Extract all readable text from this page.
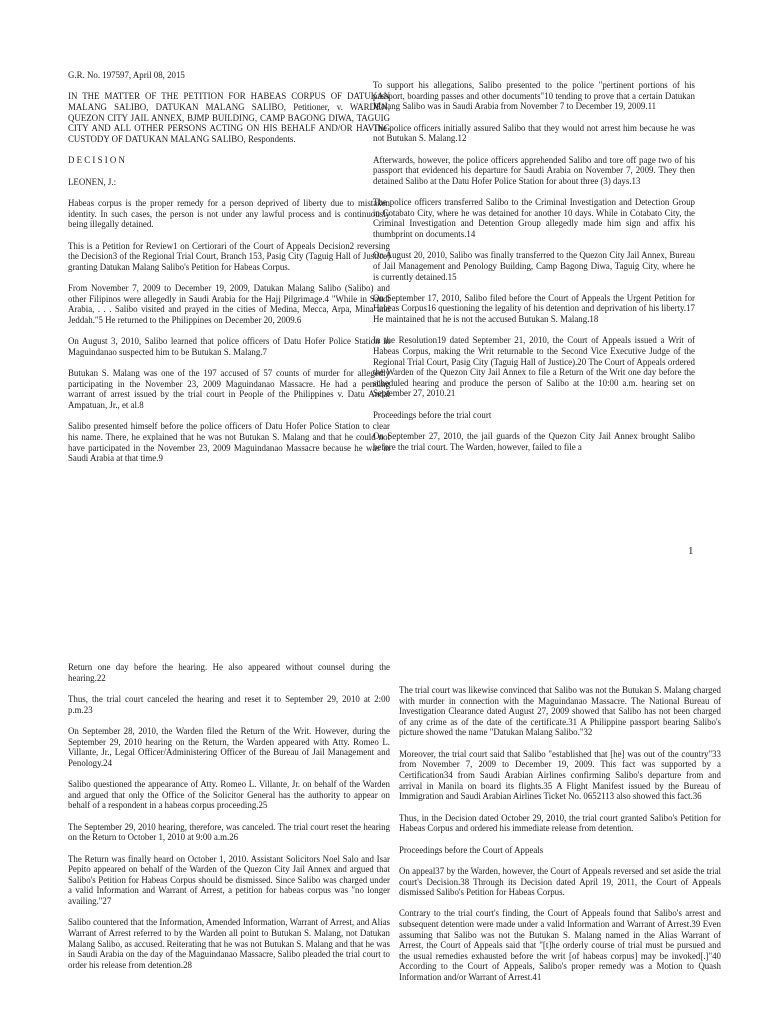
G.R. No. 197597, April 08, 2015

IN THE MATTER OF THE PETITION FOR HABEAS CORPUS OF DATUKAN MALANG SALIBO, DATUKAN MALANG SALIBO, Petitioner, v. WARDEN, QUEZON CITY JAIL ANNEX, BJMP BUILDING, CAMP BAGONG DIWA, TAGUIG CITY AND ALL OTHER PERSONS ACTING ON HIS BEHALF AND/OR HAVING CUSTODY OF DATUKAN MALANG SALIBO, Respondents.

D E C I S I O N

LEONEN, J.:

Habeas corpus is the proper remedy for a person deprived of liberty due to mistaken identity. In such cases, the person is not under any lawful process and is continuously being illegally detained.

This is a Petition for Review1 on Certiorari of the Court of Appeals Decision2 reversing the Decision3 of the Regional Trial Court, Branch 153, Pasig City (Taguig Hall of Justice) granting Datukan Malang Salibo's Petition for Habeas Corpus.

From November 7, 2009 to December 19, 2009, Datukan Malang Salibo (Salibo) and other Filipinos were allegedly in Saudi Arabia for the Hajj Pilgrimage.4 "While in Saudi Arabia, . . . Salibo visited and prayed in the cities of Medina, Mecca, Arpa, Mina and Jeddah."5 He returned to the Philippines on December 20, 2009.6

On August 3, 2010, Salibo learned that police officers of Datu Hofer Police Station in Maguindanao suspected him to be Butukan S. Malang.7

Butukan S. Malang was one of the 197 accused of 57 counts of murder for allegedly participating in the November 23, 2009 Maguindanao Massacre. He had a pending warrant of arrest issued by the trial court in People of the Philippines v. Datu Andal Ampatuan, Jr., et al.8

Salibo presented himself before the police officers of Datu Hofer Police Station to clear his name. There, he explained that he was not Butukan S. Malang and that he could not have participated in the November 23, 2009 Maguindanao Massacre because he was in Saudi Arabia at that time.9

To support his allegations, Salibo presented to the police "pertinent portions of his passport, boarding passes and other documents"10 tending to prove that a certain Datukan Malang Salibo was in Saudi Arabia from November 7 to December 19, 2009.11

The police officers initially assured Salibo that they would not arrest him because he was not Butukan S. Malang.12

Afterwards, however, the police officers apprehended Salibo and tore off page two of his passport that evidenced his departure for Saudi Arabia on November 7, 2009. They then detained Salibo at the Datu Hofer Police Station for about three (3) days.13

The police officers transferred Salibo to the Criminal Investigation and Detection Group in Cotabato City, where he was detained for another 10 days. While in Cotabato City, the Criminal Investigation and Detention Group allegedly made him sign and affix his thumbprint on documents.14

On August 20, 2010, Salibo was finally transferred to the Quezon City Jail Annex, Bureau of Jail Management and Penology Building, Camp Bagong Diwa, Taguig City, where he is currently detained.15

On September 17, 2010, Salibo filed before the Court of Appeals the Urgent Petition for Habeas Corpus16 questioning the legality of his detention and deprivation of his liberty.17 He maintained that he is not the accused Butukan S. Malang.18

In the Resolution19 dated September 21, 2010, the Court of Appeals issued a Writ of Habeas Corpus, making the Writ returnable to the Second Vice Executive Judge of the Regional Trial Court, Pasig City (Taguig Hall of Justice).20 The Court of Appeals ordered the Warden of the Quezon City Jail Annex to file a Return of the Writ one day before the scheduled hearing and produce the person of Salibo at the 10:00 a.m. hearing set on September 27, 2010.21

Proceedings before the trial court

On September 27, 2010, the jail guards of the Quezon City Jail Annex brought Salibo before the trial court. The Warden, however, failed to file a

1

Return one day before the hearing. He also appeared without counsel during the hearing.22

Thus, the trial court canceled the hearing and reset it to September 29, 2010 at 2:00 p.m.23

On September 28, 2010, the Warden filed the Return of the Writ. However, during the September 29, 2010 hearing on the Return, the Warden appeared with Atty. Romeo L. Villante, Jr., Legal Officer/Administering Officer of the Bureau of Jail Management and Penology.24

Salibo questioned the appearance of Atty. Romeo L. Villante, Jr. on behalf of the Warden and argued that only the Office of the Solicitor General has the authority to appear on behalf of a respondent in a habeas corpus proceeding.25

The September 29, 2010 hearing, therefore, was canceled. The trial court reset the hearing on the Return to October 1, 2010 at 9:00 a.m.26

The Return was finally heard on October 1, 2010. Assistant Solicitors Noel Salo and Isar Pepito appeared on behalf of the Warden of the Quezon City Jail Annex and argued that Salibo's Petition for Habeas Corpus should be dismissed. Since Salibo was charged under a valid Information and Warrant of Arrest, a petition for habeas corpus was "no longer availing."27

Salibo countered that the Information, Amended Information, Warrant of Arrest, and Alias Warrant of Arrest referred to by the Warden all point to Butukan S. Malang, not Datukan Malang Salibo, as accused. Reiterating that he was not Butukan S. Malang and that he was in Saudi Arabia on the day of the Maguindanao Massacre, Salibo pleaded the trial court to order his release from detention.28

The trial court was likewise convinced that Salibo was not the Butukan S. Malang charged with murder in connection with the Maguindanao Massacre. The National Bureau of Investigation Clearance dated August 27, 2009 showed that Salibo has not been charged of any crime as of the date of the certificate.31 A Philippine passport bearing Salibo's picture showed the name "Datukan Malang Salibo."32

Moreover, the trial court said that Salibo "established that [he] was out of the country"33 from November 7, 2009 to December 19, 2009. This fact was supported by a Certification34 from Saudi Arabian Airlines confirming Salibo's departure from and arrival in Manila on board its flights.35 A Flight Manifest issued by the Bureau of Immigration and Saudi Arabian Airlines Ticket No. 0652113 also showed this fact.36

Thus, in the Decision dated October 29, 2010, the trial court granted Salibo's Petition for Habeas Corpus and ordered his immediate release from detention.

Proceedings before the Court of Appeals

On appeal37 by the Warden, however, the Court of Appeals reversed and set aside the trial court's Decision.38 Through its Decision dated April 19, 2011, the Court of Appeals dismissed Salibo's Petition for Habeas Corpus.

Contrary to the trial court's finding, the Court of Appeals found that Salibo's arrest and subsequent detention were made under a valid Information and Warrant of Arrest.39 Even assuming that Salibo was not the Butukan S. Malang named in the Alias Warrant of Arrest, the Court of Appeals said that "[t]he orderly course of trial must be pursued and the usual remedies exhausted before the writ [of habeas corpus] may be invoked[.]"40 According to the Court of Appeals, Salibo's proper remedy was a Motion to Quash Information and/or Warrant of Arrest.41
